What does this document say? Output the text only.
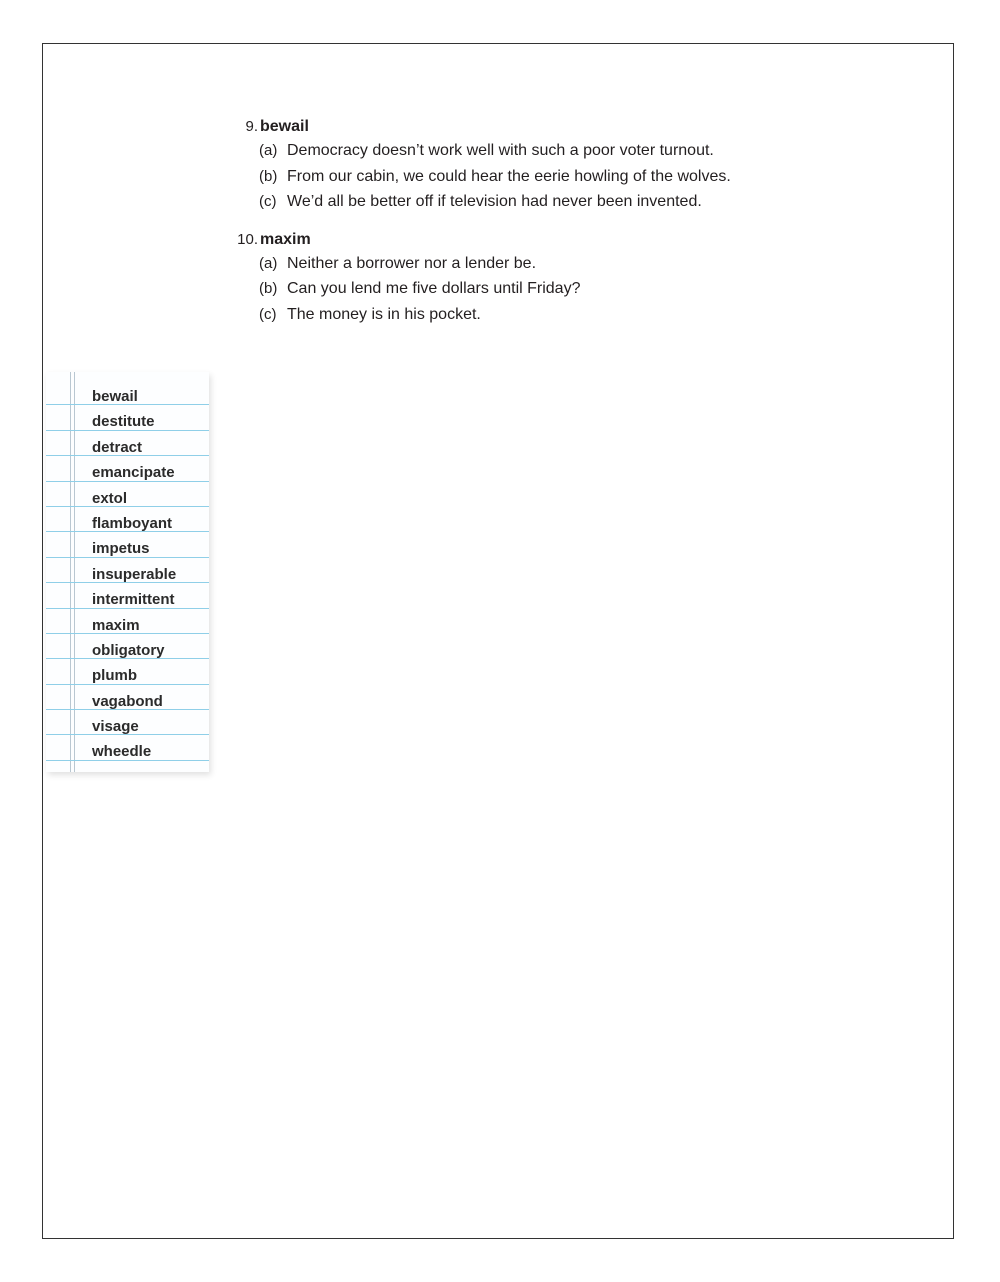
9. bewail
(a) Democracy doesn’t work well with such a poor voter turnout.
(b) From our cabin, we could hear the eerie howling of the wolves.
(c) We’d all be better off if television had never been invented.
10. maxim
(a) Neither a borrower nor a lender be.
(b) Can you lend me five dollars until Friday?
(c) The money is in his pocket.
bewail
destitute
detract
emancipate
extol
flamboyant
impetus
insuperable
intermittent
maxim
obligatory
plumb
vagabond
visage
wheedle
